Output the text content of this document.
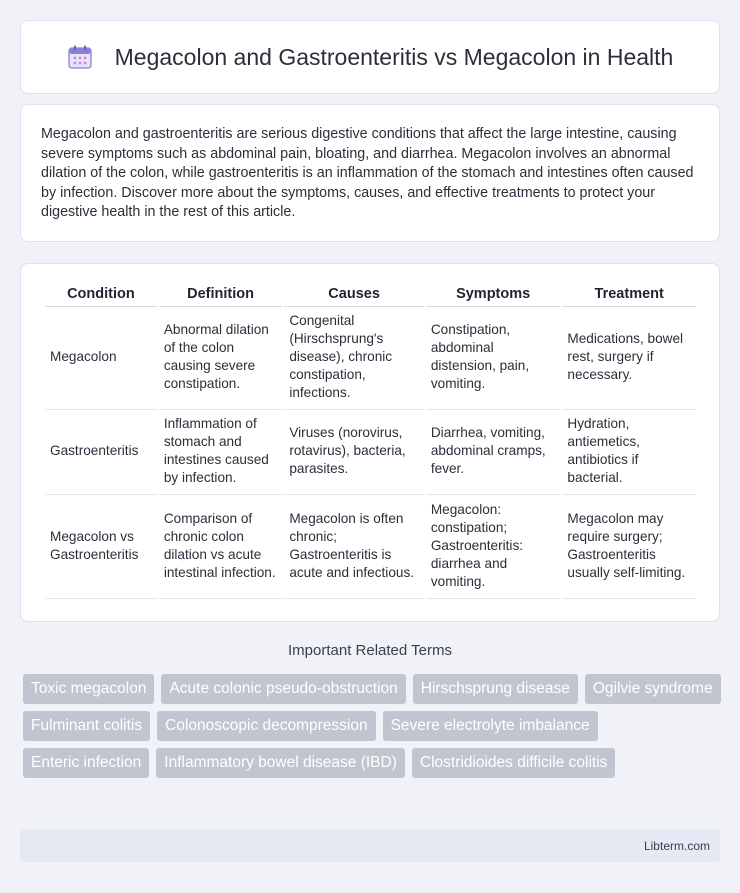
Megacolon and Gastroenteritis vs Megacolon in Health

Megacolon and gastroenteritis are serious digestive conditions that affect the large intestine, causing severe symptoms such as abdominal pain, bloating, and diarrhea. Megacolon involves an abnormal dilation of the colon, while gastroenteritis is an inflammation of the stomach and intestines often caused by infection. Discover more about the symptoms, causes, and effective treatments to protect your digestive health in the rest of this article.

Condition	Definition	Causes	Symptoms	Treatment
Megacolon	Abnormal dilation of the colon causing severe constipation.	Congenital (Hirschsprung's disease), chronic constipation, infections.	Constipation, abdominal distension, pain, vomiting.	Medications, bowel rest, surgery if necessary.
Gastroenteritis	Inflammation of stomach and intestines caused by infection.	Viruses (norovirus, rotavirus), bacteria, parasites.	Diarrhea, vomiting, abdominal cramps, fever.	Hydration, antiemetics, antibiotics if bacterial.
Megacolon vs Gastroenteritis	Comparison of chronic colon dilation vs acute intestinal infection.	Megacolon is often chronic; Gastroenteritis is acute and infectious.	Megacolon: constipation; Gastroenteritis: diarrhea and vomiting.	Megacolon may require surgery; Gastroenteritis usually self-limiting.
Important Related Terms
Toxic megacolon	Acute colonic pseudo-obstruction	Hirschsprung disease	Ogilvie syndrome
Fulminant colitis	Colonoscopic decompression	Severe electrolyte imbalance
Enteric infection	Inflammatory bowel disease (IBD)	Clostridioides difficile colitis
Libterm.com
